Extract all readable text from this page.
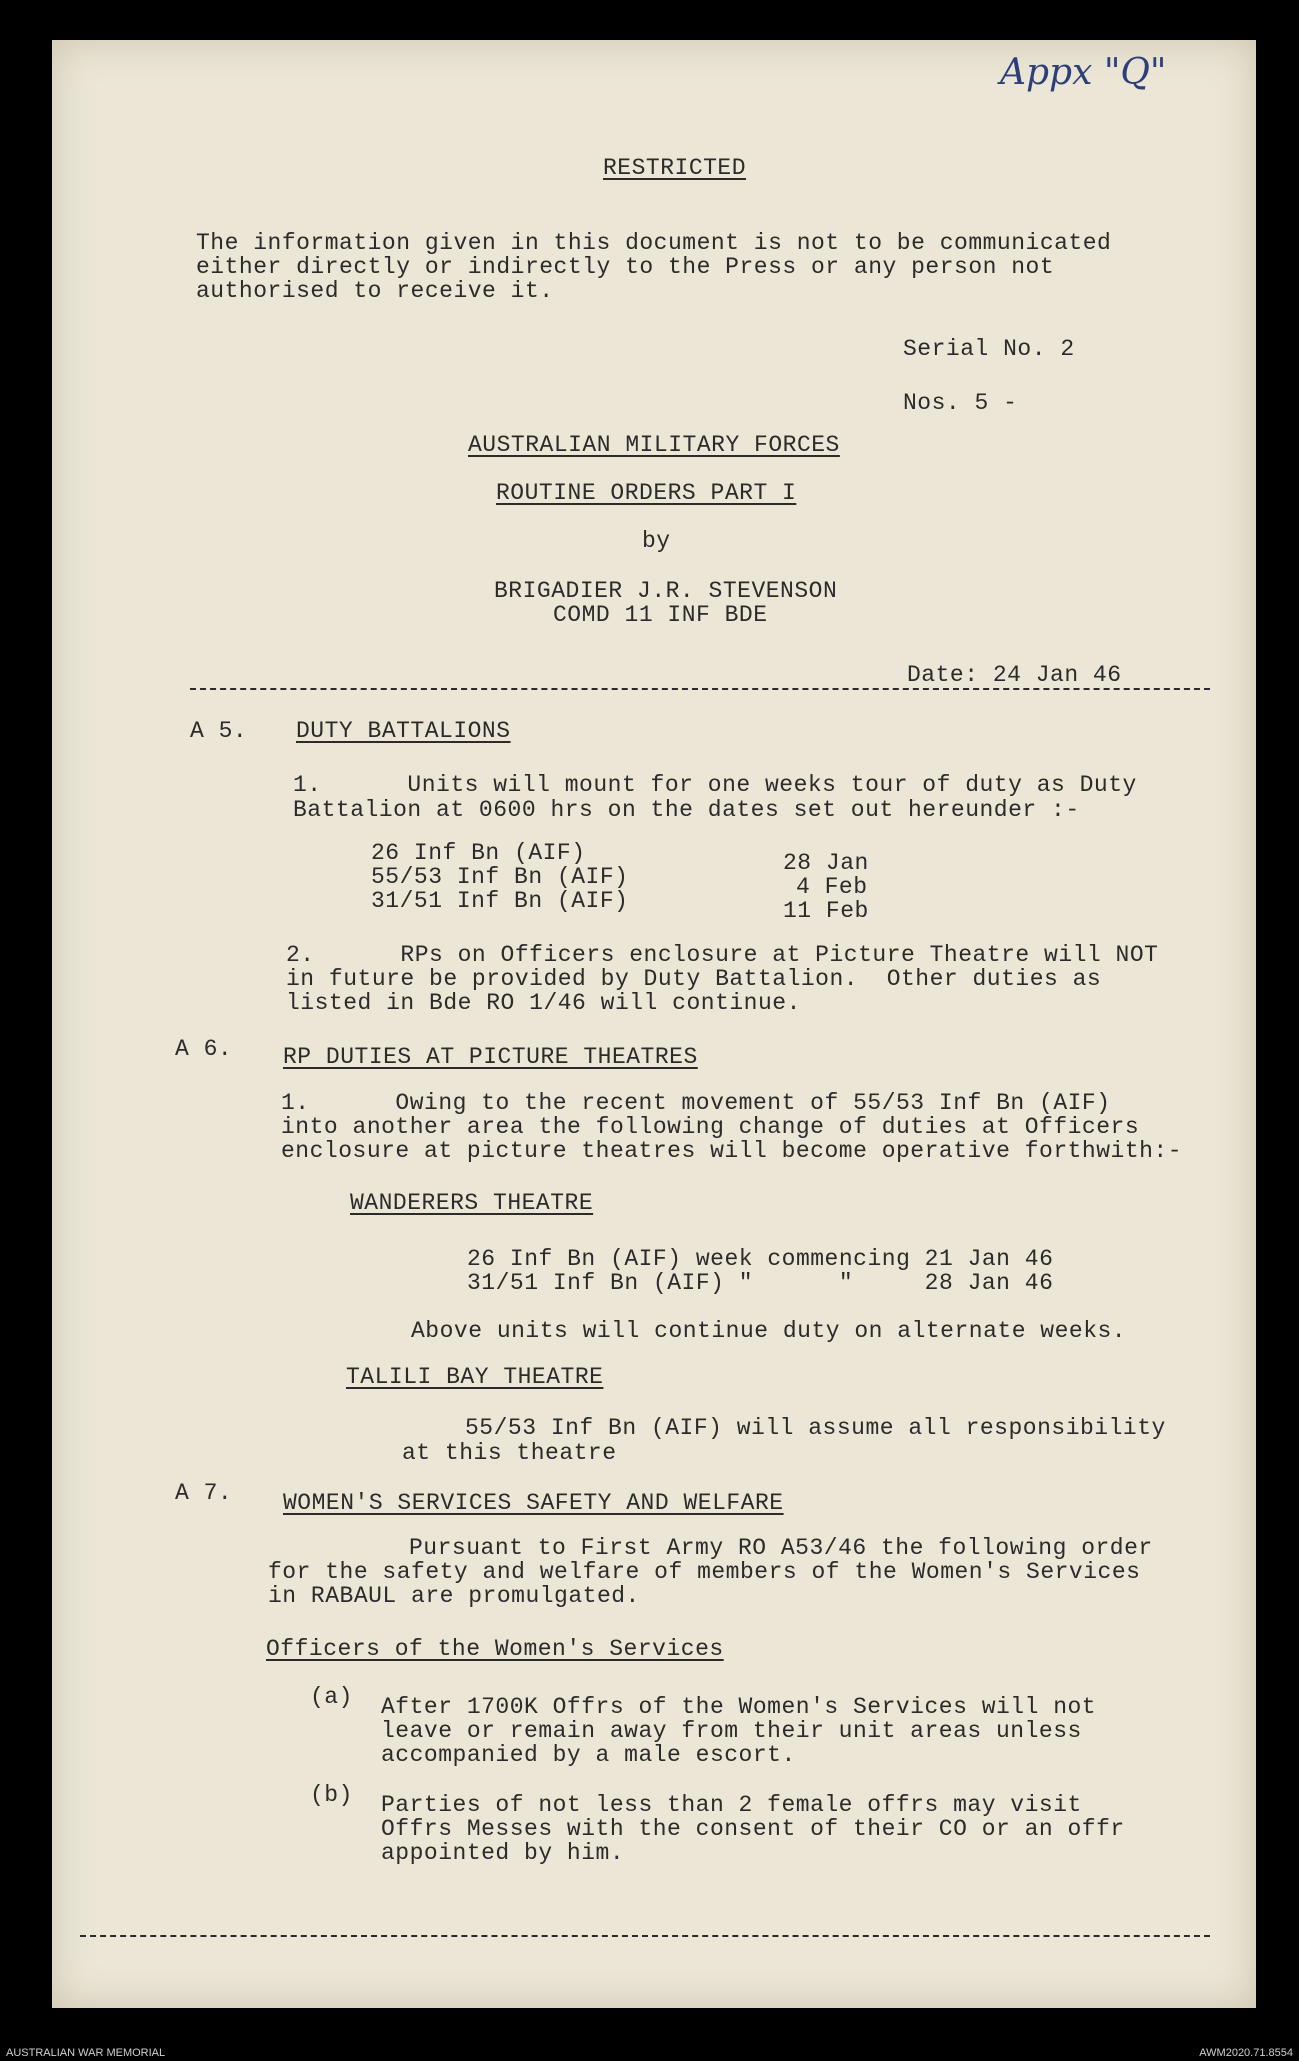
Appx "Q"
RESTRICTED
The information given in this document is not to be communicated
either directly or indirectly to the Press or any person not
authorised to receive it.
Serial No. 2
Nos. 5 -
AUSTRALIAN MILITARY FORCES
ROUTINE ORDERS PART I
by
BRIGADIER J.R. STEVENSON
COMD 11 INF BDE
Date: 24 Jan 46
A 5. DUTY BATTALIONS
1.      Units will mount for one weeks tour of duty as Duty
Battalion at 0600 hrs on the dates set out hereunder :-
26 Inf Bn (AIF)
55/53 Inf Bn (AIF)
31/51 Inf Bn (AIF)
28 Jan
4 Feb
11 Feb
2.      RPs on Officers enclosure at Picture Theatre will NOT
in future be provided by Duty Battalion.  Other duties as
listed in Bde RO 1/46 will continue.
A 6. RP DUTIES AT PICTURE THEATRES
1.      Owing to the recent movement of 55/53 Inf Bn (AIF)
into another area the following change of duties at Officers
enclosure at picture theatres will become operative forthwith:-
WANDERERS THEATRE
26 Inf Bn (AIF) week commencing 21 Jan 46
31/51 Inf Bn (AIF) "      "     28 Jan 46
Above units will continue duty on alternate weeks.
TALILI BAY THEATRE
55/53 Inf Bn (AIF) will assume all responsibility
at this theatre
A 7. WOMEN'S SERVICES SAFETY AND WELFARE
Pursuant to First Army RO A53/46 the following order
for the safety and welfare of members of the Women's Services
in RABAUL are promulgated.
Officers of the Women's Services
(a) After 1700K Offrs of the Women's Services will not
leave or remain away from their unit areas unless
accompanied by a male escort.
(b) Parties of not less than 2 female offrs may visit
Offrs Messes with the consent of their CO or an offr
appointed by him.
AUSTRALIAN WAR MEMORIAL	AWM2020.71.8554
